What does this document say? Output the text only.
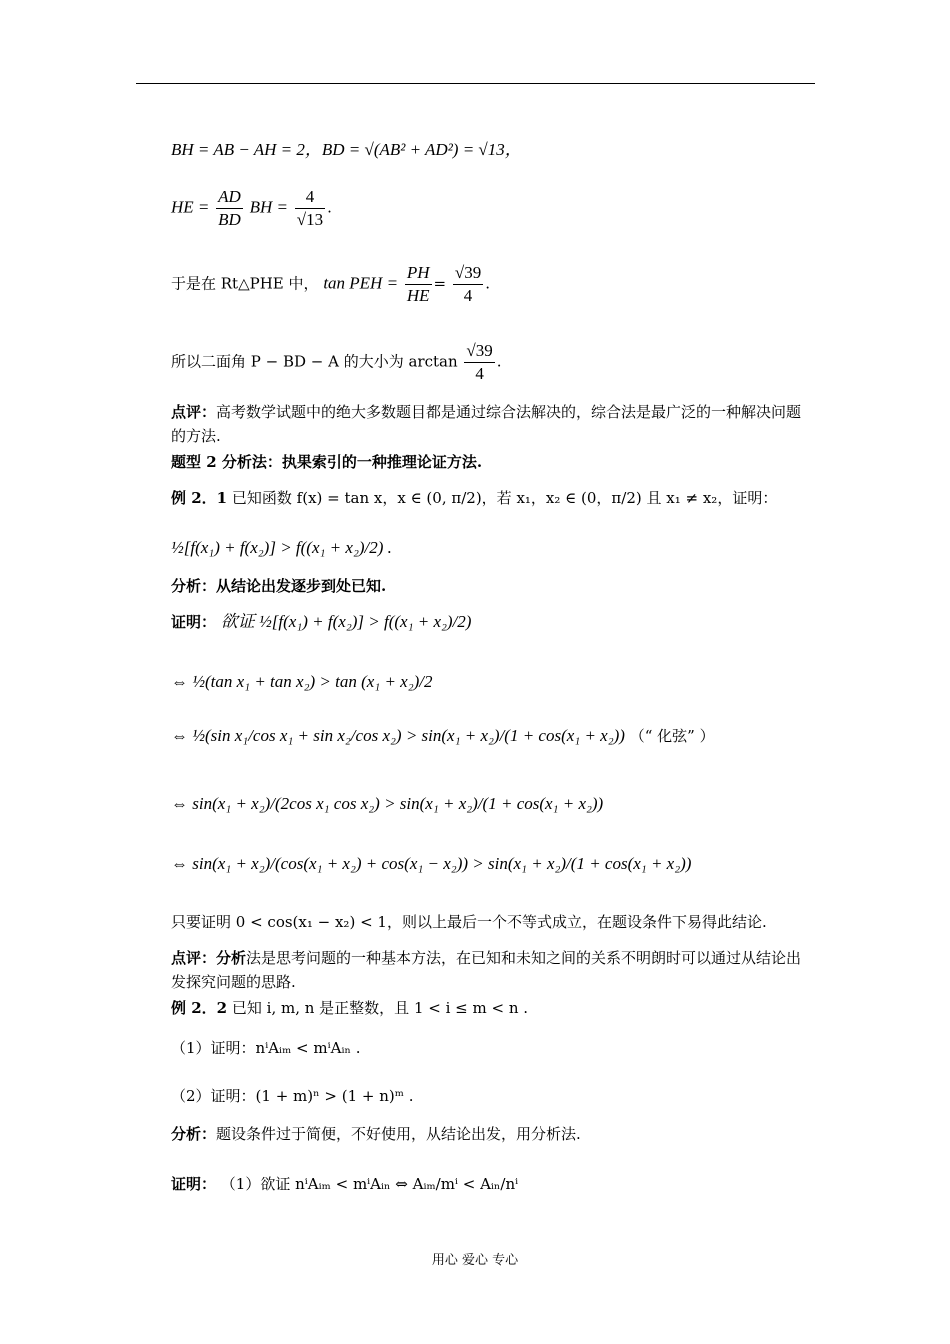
BH = AB − AH = 2，BD = √(AB² + AD²) = √13，
HE = $\frac{AD}{BD}$ BH = $\frac{4}{√13}$ .
于是在 Rt△PHE 中， tan PEH = $\frac{PH}{HE} = \frac{√39}{4}$ .
所以二面角 P − BD − A 的大小为 $\arctan \frac{√39}{4}$ .
点评：高考数学试题中的绝大多数题目都是通过综合法解决的，综合法是最广泛的一种解决问题的方法.
题型 2 分析法：执果索引的一种推理论证方法.
例 2．1 已知函数 f(x) = tan x，x ∈ (0, π/2)，若 x₁，x₂ ∈ (0，π/2) 且 x₁ ≠ x₂，证明：
½[f(x₁) + f(x₂)] > f((x₁ + x₂)/2) .
分析：从结论出发逐步到处已知.
证明： 欲证 ½[f(x₁) + f(x₂)] > f((x₁ + x₂)/2)
⇔ ½(tan x₁ + tan x₂) > tan (x₁ + x₂)/2
⇔ ½(sin x₁/cos x₁ + sin x₂/cos x₂) > sin(x₁ + x₂)/(1 + cos(x₁ + x₂)) （“ 化弦” ）
⇔ sin(x₁ + x₂)/(2cos x₁ cos x₂) > sin(x₁ + x₂)/(1 + cos(x₁ + x₂))
⇔ sin(x₁ + x₂)/(cos(x₁ + x₂) + cos(x₁ − x₂)) > sin(x₁ + x₂)/(1 + cos(x₁ + x₂))
只要证明 0 < cos(x₁ − x₂) < 1，则以上最后一个不等式成立，在题设条件下易得此结论.
点评：分析法是思考问题的一种基本方法，在已知和未知之间的关系不明朗时可以通过从结论出发探究问题的思路.
例 2．2 已知 i, m, n 是正整数，且 1 < i ≤ m < n .
（1）证明：nⁱAᵢₘ < mⁱAᵢₙ .
（2）证明：(1 + m)ⁿ > (1 + n)ᵐ .
分析：题设条件过于简便，不好使用，从结论出发，用分析法.
证明： （1）欲证 nⁱAᵢₘ < mⁱAᵢₙ ⇔ Aᵢₘ/mⁱ < Aᵢₙ/nⁱ
用心 爱心 专心
